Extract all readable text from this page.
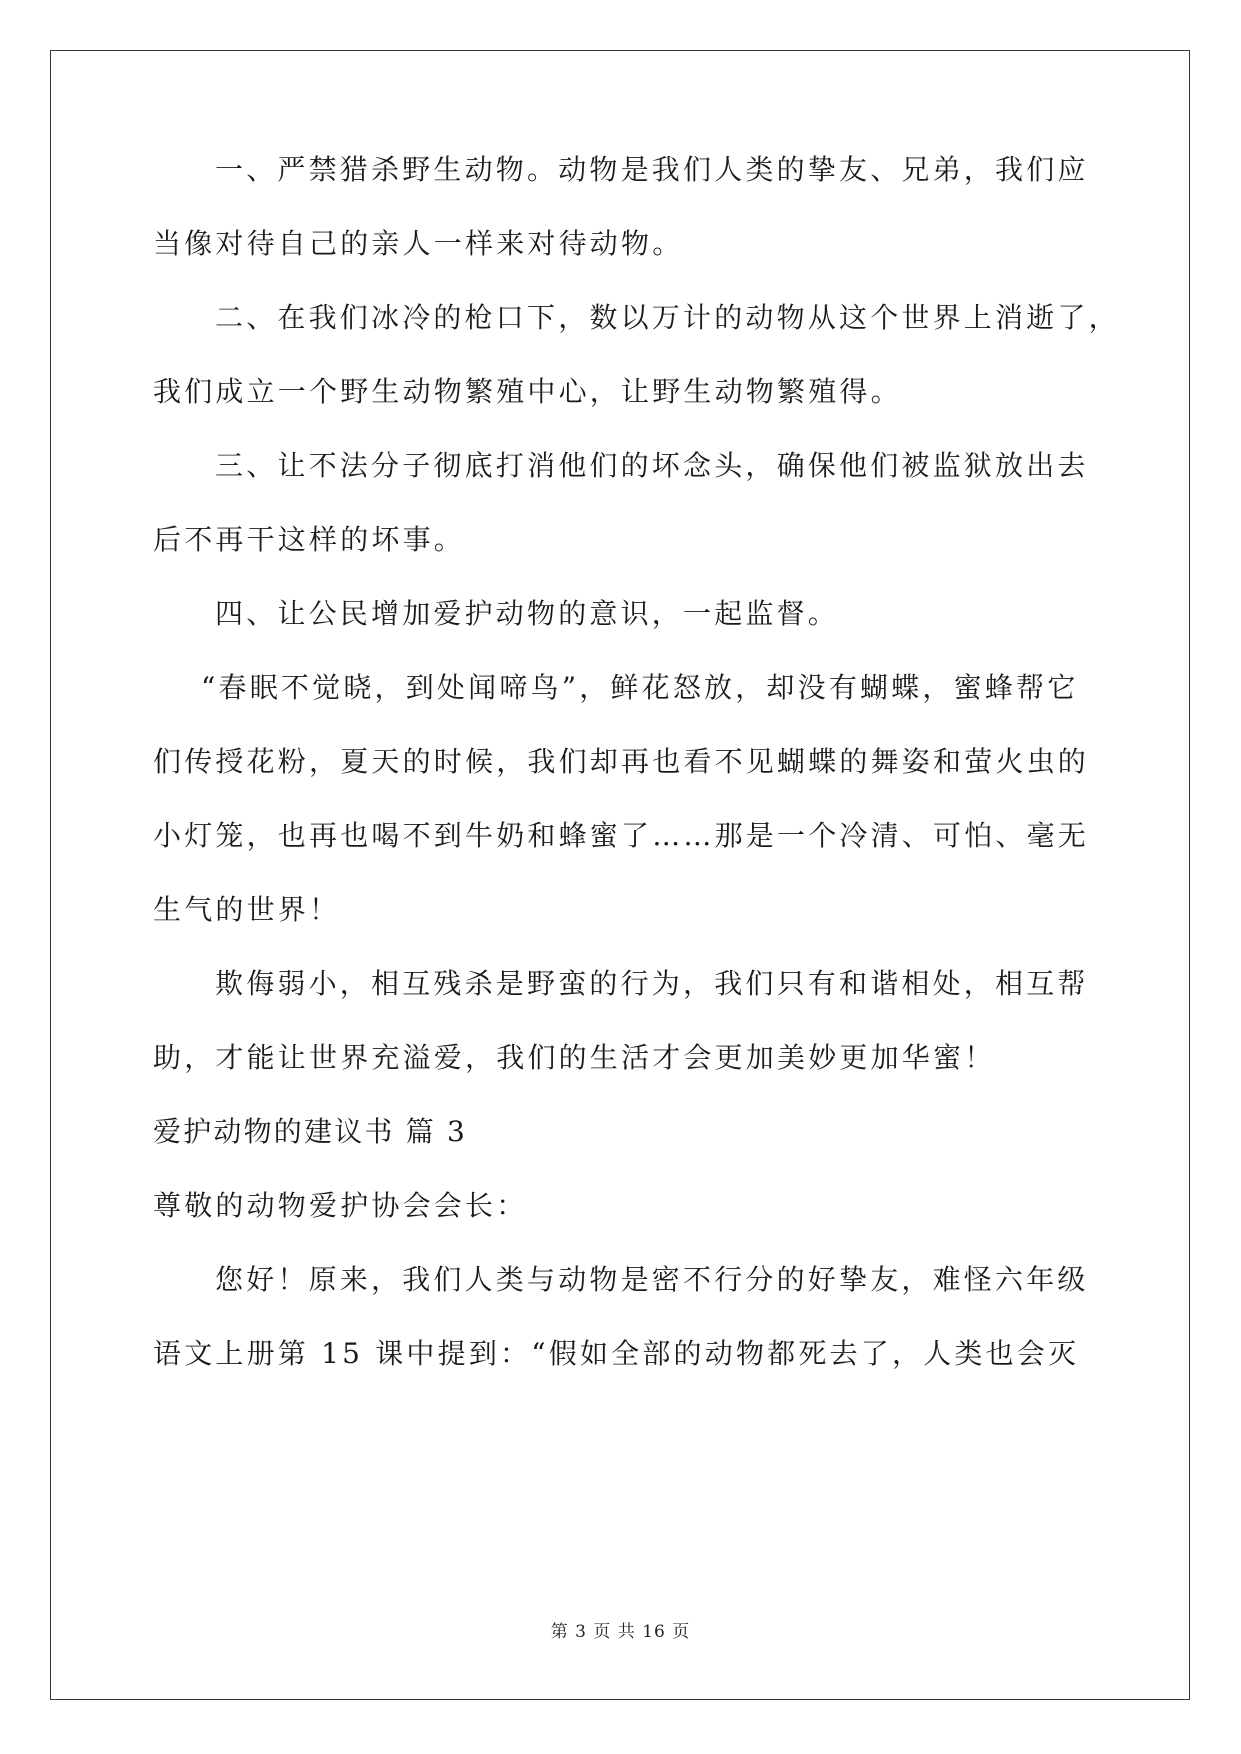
一、严禁猎杀野生动物。动物是我们人类的挚友、兄弟，我们应
当像对待自己的亲人一样来对待动物。
二、在我们冰冷的枪口下，数以万计的动物从这个世界上消逝了，
我们成立一个野生动物繁殖中心，让野生动物繁殖得。
三、让不法分子彻底打消他们的坏念头，确保他们被监狱放出去
后不再干这样的坏事。
四、让公民增加爱护动物的意识，一起监督。
“春眠不觉晓，到处闻啼鸟”，鲜花怒放，却没有蝴蝶，蜜蜂帮它
们传授花粉，夏天的时候，我们却再也看不见蝴蝶的舞姿和萤火虫的
小灯笼，也再也喝不到牛奶和蜂蜜了……那是一个冷清、可怕、毫无
生气的世界！
欺侮弱小，相互残杀是野蛮的行为，我们只有和谐相处，相互帮
助，才能让世界充溢爱，我们的生活才会更加美妙更加华蜜！
爱护动物的建议书 篇 3
尊敬的动物爱护协会会长：
您好！原来，我们人类与动物是密不行分的好挚友，难怪六年级
语文上册第 15 课中提到：“假如全部的动物都死去了，人类也会灭
第 3 页 共 16 页
